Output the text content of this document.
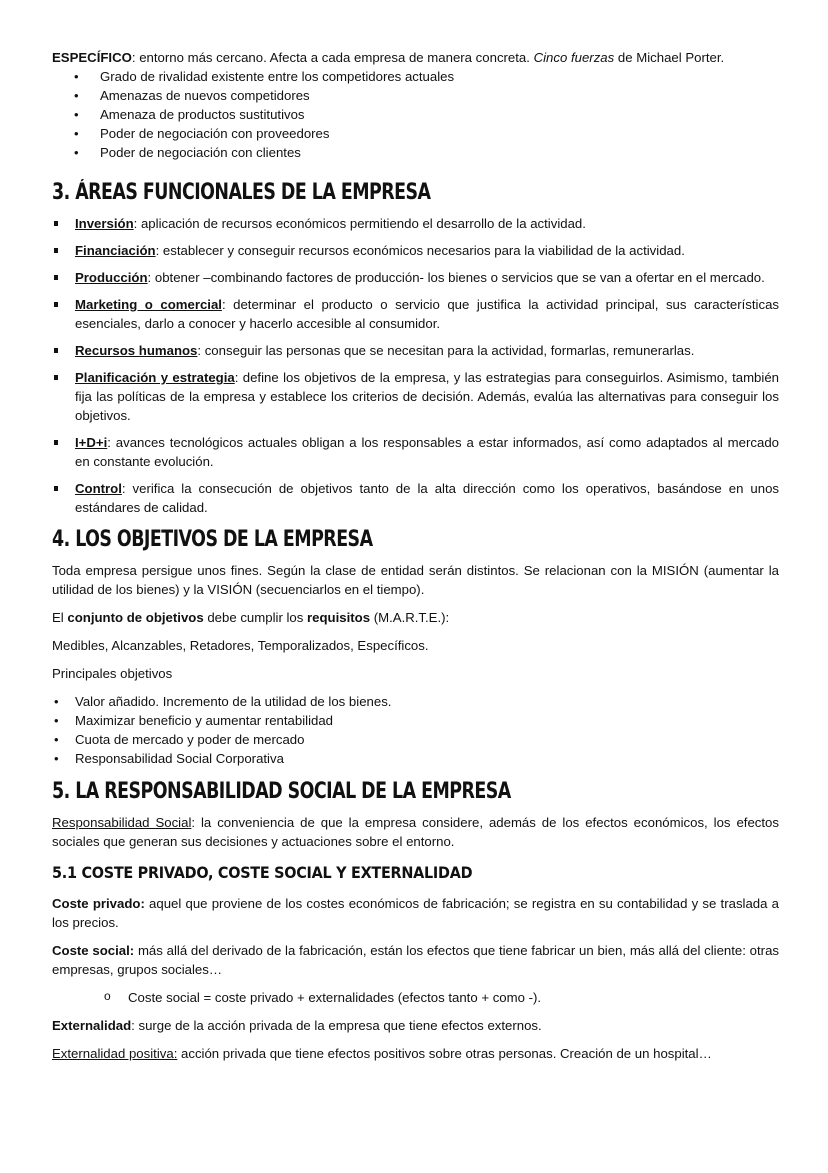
ESPECÍFICO: entorno más cercano. Afecta a cada empresa de manera concreta. Cinco fuerzas de Michael Porter.

• Grado de rivalidad existente entre los competidores actuales
• Amenazas de nuevos competidores
• Amenaza de productos sustitutivos
• Poder de negociación con proveedores
• Poder de negociación con clientes
3. ÁREAS FUNCIONALES DE LA EMPRESA
Inversión: aplicación de recursos económicos permitiendo el desarrollo de la actividad.
Financiación: establecer y conseguir recursos económicos necesarios para la viabilidad de la actividad.
Producción: obtener –combinando factores de producción- los bienes o servicios que se van a ofertar en el mercado.
Marketing o comercial: determinar el producto o servicio que justifica la actividad principal, sus características esenciales, darlo a conocer y hacerlo accesible al consumidor.
Recursos humanos: conseguir las personas que se necesitan para la actividad, formarlas, remunerarlas.
Planificación y estrategia: define los objetivos de la empresa, y las estrategias para conseguirlos. Asimismo, también fija las políticas de la empresa y establece los criterios de decisión. Además, evalúa las alternativas para conseguir los objetivos.
I+D+i: avances tecnológicos actuales obligan a los responsables a estar informados, así como adaptados al mercado en constante evolución.
Control: verifica la consecución de objetivos tanto de la alta dirección como los operativos, basándose en unos estándares de calidad.
4. LOS OBJETIVOS DE LA EMPRESA

Toda empresa persigue unos fines. Según la clase de entidad serán distintos. Se relacionan con la MISIÓN (aumentar la utilidad de los bienes) y la VISIÓN (secuenciarlos en el tiempo).

El conjunto de objetivos debe cumplir los requisitos (M.A.R.T.E.):

Medibles, Alcanzables, Retadores, Temporalizados, Específicos.

Principales objetivos

• Valor añadido. Incremento de la utilidad de los bienes.
• Maximizar beneficio y aumentar rentabilidad
• Cuota de mercado y poder de mercado
• Responsabilidad Social Corporativa
5. LA RESPONSABILIDAD SOCIAL DE LA EMPRESA

Responsabilidad Social: la conveniencia de que la empresa considere, además de los efectos económicos, los efectos sociales que generan sus decisiones y actuaciones sobre el entorno.

5.1 COSTE PRIVADO, COSTE SOCIAL Y EXTERNALIDAD

Coste privado: aquel que proviene de los costes económicos de fabricación; se registra en su contabilidad y se traslada a los precios.

Coste social: más allá del derivado de la fabricación, están los efectos que tiene fabricar un bien, más allá del cliente: otras empresas, grupos sociales…

o Coste social = coste privado + externalidades (efectos tanto + como -).

Externalidad: surge de la acción privada de la empresa que tiene efectos externos.

Externalidad positiva: acción privada que tiene efectos positivos sobre otras personas. Creación de un hospital…
